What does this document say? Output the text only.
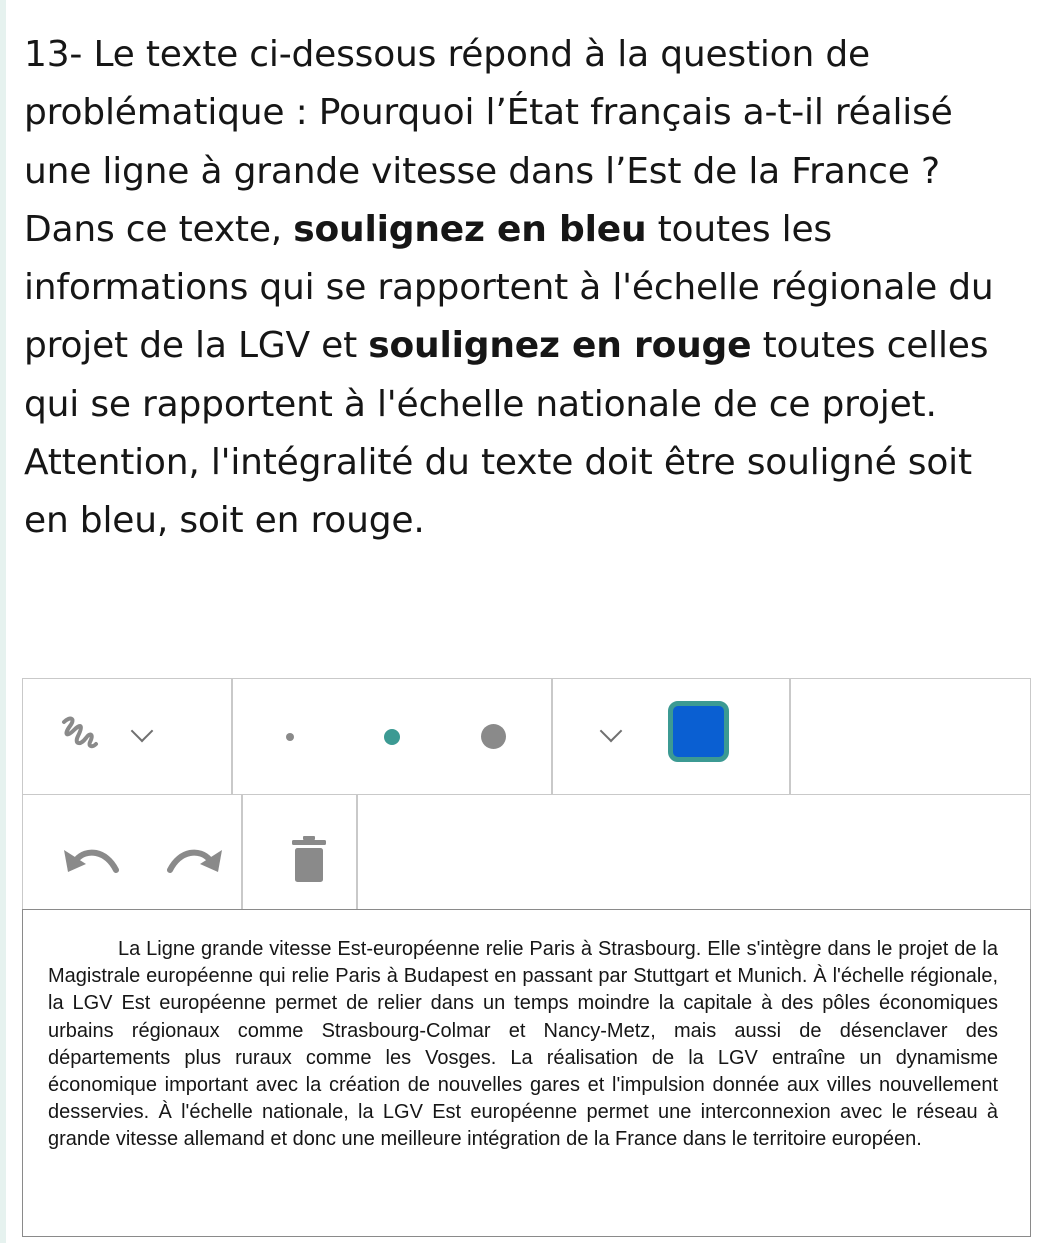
13- Le texte ci-dessous répond à la question de problématique : Pourquoi l’État français a-t-il réalisé une ligne à grande vitesse dans l’Est de la France ?

Dans ce texte, soulignez en bleu toutes les informations qui se rapportent à l'échelle régionale du projet de la LGV et soulignez en rouge toutes celles qui se rapportent à l'échelle nationale de ce projet. Attention, l'intégralité du texte doit être souligné soit en bleu, soit en rouge.

La Ligne grande vitesse Est-européenne relie Paris à Strasbourg. Elle s'intègre dans le projet de la Magistrale européenne qui relie Paris à Budapest en passant par Stuttgart et Munich. À l'échelle régionale, la LGV Est européenne permet de relier dans un temps moindre la capitale à des pôles économiques urbains régionaux comme Strasbourg-Colmar et Nancy-Metz, mais aussi de désenclaver des départements plus ruraux comme les Vosges. La réalisation de la LGV entraîne un dynamisme économique important avec la création de nouvelles gares et l'impulsion donnée aux villes nouvellement desservies. À l'échelle nationale, la LGV Est européenne permet une interconnexion avec le réseau à grande vitesse allemand et donc une meilleure intégration de la France dans le territoire européen.
